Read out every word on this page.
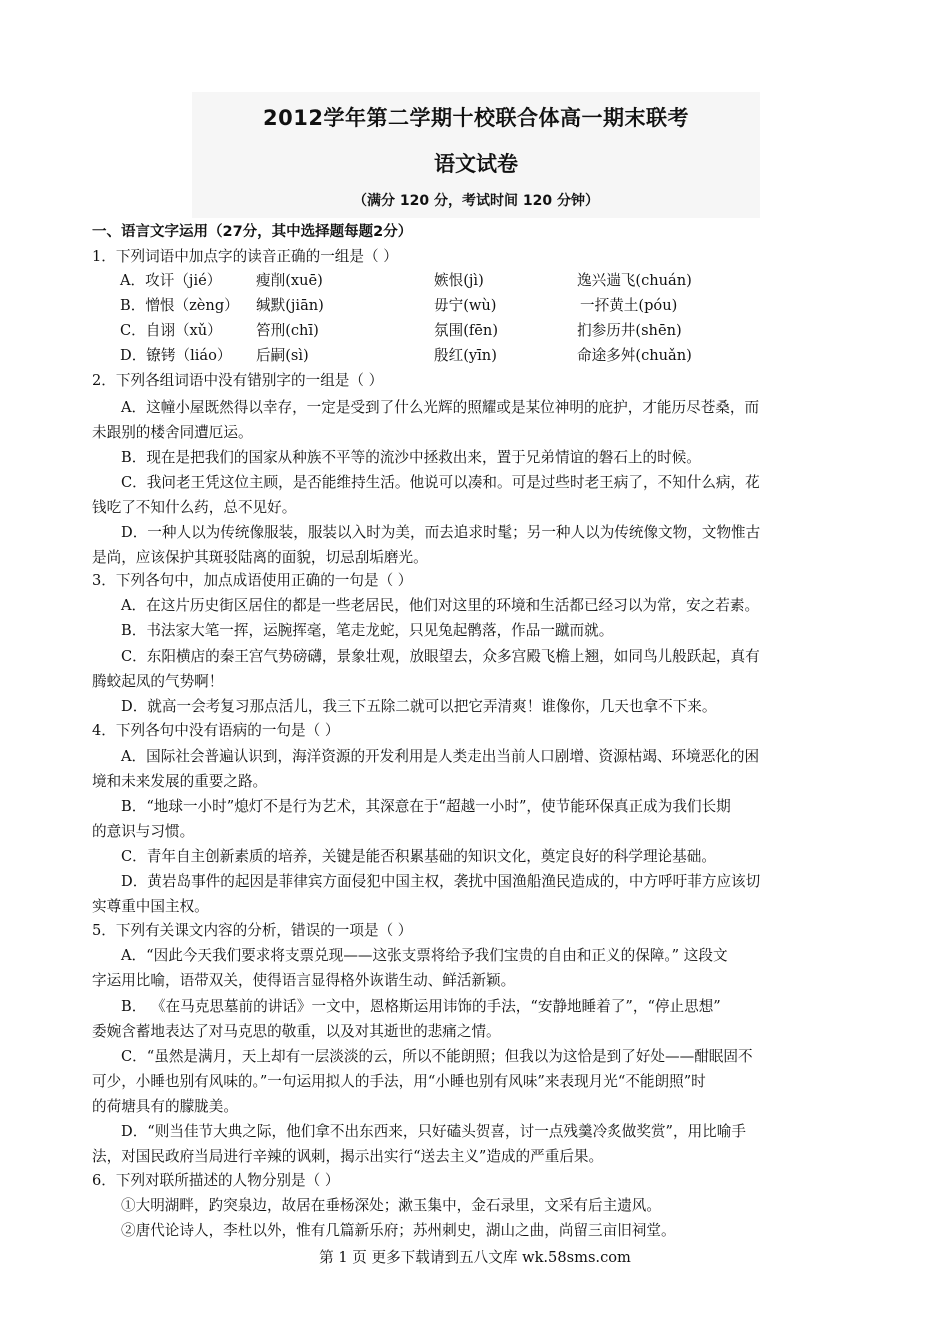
2012学年第二学期十校联合体高一期末联考
语文试卷
（满分 120 分，考试时间 120 分钟）
一、语言文字运用（27分，其中选择题每题2分）
1．下列词语中加点字的读音正确的一组是（ ）
A．攻讦（jié） 瘦削(xuē)	嫉恨(jì)	逸兴遄飞(chuán)
B．憎恨（zèng） 缄默(jiān)	毋宁(wù)	一抔黄土(póu)
C．自诩（xǔ） 笞刑(chī)	氛围(fēn)	扪参历井(shēn)
D．镣铐（liáo） 后嗣(sì)	殷红(yīn)	命途多舛(chuǎn)
2．下列各组词语中没有错别字的一组是（ ）
A．这幢小屋既然得以幸存，一定是受到了什么光辉的照耀或是某位神明的庇护，才能历尽苍桑，而
未跟别的楼舍同遭厄运。
B．现在是把我们的国家从种族不平等的流沙中拯救出来，置于兄弟情谊的磐石上的时候。
C．我问老王凭这位主顾，是否能维持生活。他说可以凑和。可是过些时老王病了，不知什么病，花
钱吃了不知什么药，总不见好。
D．一种人以为传统像服装，服装以入时为美，而去追求时髦；另一种人以为传统像文物，文物惟古
是尚，应该保护其斑驳陆离的面貌，切忌刮垢磨光。
3．下列各句中，加点成语使用正确的一句是（ ）
A．在这片历史街区居住的都是一些老居民，他们对这里的环境和生活都已经习以为常，安之若素。
B．书法家大笔一挥，运腕挥毫，笔走龙蛇，只见兔起鹘落，作品一蹴而就。
C．东阳横店的秦王宫气势磅礴，景象壮观，放眼望去，众多宫殿飞檐上翘，如同鸟儿般跃起，真有
腾蛟起凤的气势啊！
D．就高一会考复习那点活儿，我三下五除二就可以把它弄清爽！谁像你，几天也拿不下来。
4．下列各句中没有语病的一句是（ ）
A．国际社会普遍认识到，海洋资源的开发利用是人类走出当前人口剧增、资源枯竭、环境恶化的困
境和未来发展的重要之路。
B．“地球一小时”熄灯不是行为艺术，其深意在于“超越一小时”，使节能环保真正成为我们长期
的意识与习惯。
C．青年自主创新素质的培养，关键是能否积累基础的知识文化，奠定良好的科学理论基础。
D．黄岩岛事件的起因是菲律宾方面侵犯中国主权，袭扰中国渔船渔民造成的，中方呼吁菲方应该切
实尊重中国主权。
5．下列有关课文内容的分析，错误的一项是（ ）
A．“因此今天我们要求将支票兑现——这张支票将给予我们宝贵的自由和正义的保障。” 这段文
字运用比喻，语带双关，使得语言显得格外诙谐生动、鲜活新颖。
B． 《在马克思墓前的讲话》一文中，恩格斯运用讳饰的手法，“安静地睡着了”，“停止思想”
委婉含蓄地表达了对马克思的敬重，以及对其逝世的悲痛之情。
C．“虽然是满月，天上却有一层淡淡的云，所以不能朗照；但我以为这恰是到了好处——酣眠固不
可少，小睡也别有风味的。”一句运用拟人的手法，用“小睡也别有风味”来表现月光“不能朗照”时
的荷塘具有的朦胧美。
D．“则当佳节大典之际，他们拿不出东西来，只好磕头贺喜，讨一点残羹冷炙做奖赏”，用比喻手
法，对国民政府当局进行辛辣的讽刺，揭示出实行“送去主义”造成的严重后果。
6．下列对联所描述的人物分别是（ ）
①大明湖畔，趵突泉边，故居在垂杨深处；漱玉集中，金石录里，文采有后主遗风。
②唐代论诗人，李杜以外，惟有几篇新乐府；苏州刺史，湖山之曲，尚留三亩旧祠堂。
第 1 页 更多下载请到五八文库 wk.58sms.com
